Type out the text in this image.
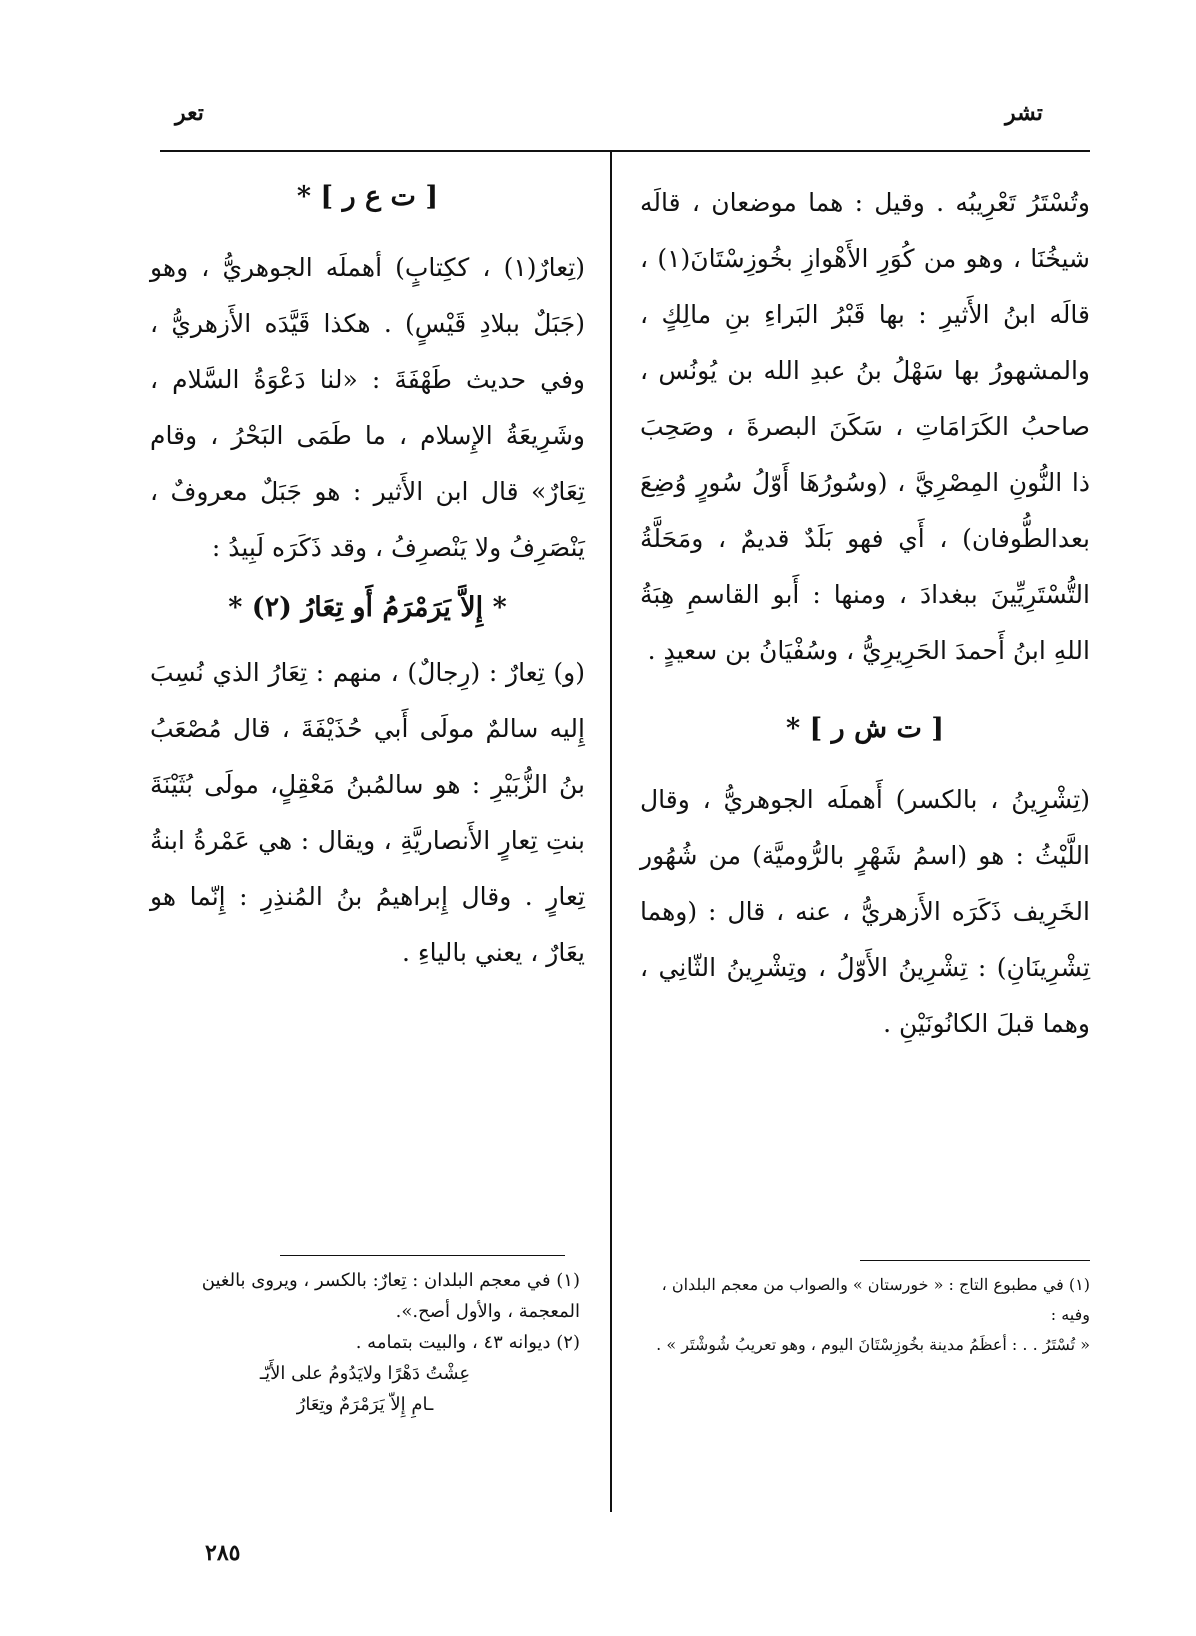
تعر	تشر
[ ت ع ر ] *

(تِعارٌ(١) ، ككِتابٍ) أهملَه الجوهريُّ ، وهو (جَبَلٌ ببلادِ قَيْسٍ) . هكذا قَيَّدَه الأَزهريُّ ، وفي حديث طَهْفَةَ : «لنا دَعْوَةُ السَّلام ، وشَرِيعَةُ الإِسلام ، ما طَمَى البَحْرُ ، وقام تِعَارٌ» قال ابن الأَثير : هو جَبَلٌ معروفٌ ، يَنْصَرِفُ ولا يَنْصرِفُ ، وقد ذَكَرَه لَبِيدُ :

* إِلاَّ يَرَمْرَمُ أَو تِعَارُ (٢) *

(و) تِعارٌ : (رِجالٌ) ، منهم : تِعَارُ الذي نُسِبَ إِليه سالمٌ مولَى أَبي حُذَيْفَةَ ، قال مُصْعَبُ بنُ الزُّبَيْرِ : هو سالمُبنُ مَعْقِلٍ، مولَى بُثَيْنَةَ بنتِ تِعارٍ الأَنصاريَّةِ ، ويقال : هي عَمْرةُ ابنةُ تِعارٍ . وقال إِبراهيمُ بنُ المُنذِرِ : إِنّما هو يعَارٌ ، يعني بالياءِ .

وتُسْتَرُ تَعْرِيبُه . وقيل : هما موضعان ، قالَه شيخُنَا ، وهو من كُوَرِ الأَهْوازِ بخُوزِسْتَانَ(١) ، قالَه ابنُ الأَثيرِ : بها قَبْرُ البَراءِ بنِ مالِكٍ ، والمشهورُ بها سَهْلُ بنُ عبدِ الله بن يُونُس ، صاحبُ الكَرَامَاتِ ، سَكَنَ البصرةَ ، وصَحِبَ ذا النُّونِ المِصْرِيَّ ، (وسُورُهَا أَوّلُ سُورٍ وُضِعَ بعدالطُّوفان) ، أَي فهو بَلَدٌ قديمٌ ، ومَحَلَّةُ التُّسْتَرِيِّينَ ببغدادَ ، ومنها : أَبو القاسمِ هِبَةُ اللهِ ابنُ أَحمدَ الحَرِيرِيُّ ، وسُفْيَانُ بن سعيدٍ .

[ ت ش ر ] *

(تِشْرِينُ ، بالكسر) أَهملَه الجوهريُّ ، وقال اللَّيْثُ : هو (اسمُ شَهْرٍ بالرُّوميَّة) من شُهُور الخَرِيف ذَكَرَه الأَزهريُّ ، عنه ، قال : (وهما تِشْرِينَانِ) : تِشْرِينُ الأَوّلُ ، وتِشْرِينُ الثّانِي ، وهما قبلَ الكانُونَيْنِ .

(١) في معجم البلدان : تِعارٌ: بالكسر ، ويروى بالغين المعجمة ، والأول أصح.».

(٢) ديوانه ٤٣ ، والبيت بتمامه .

عِشْتُ دَهْرًا ولايَدُومُ على الأَيّـ

ـامِ إِلاّ يَرَمْرَمٌ وتِعَارُ

(١) في مطبوع التاج : « خورستان » والصواب من معجم البلدان ، وفيه :

« تُسْتَرُ . . : أعظَمُ مدينة بخُوزِسْتَانَ اليوم ، وهو تعريبُ شُوشْتَر » .

٢٨٥
